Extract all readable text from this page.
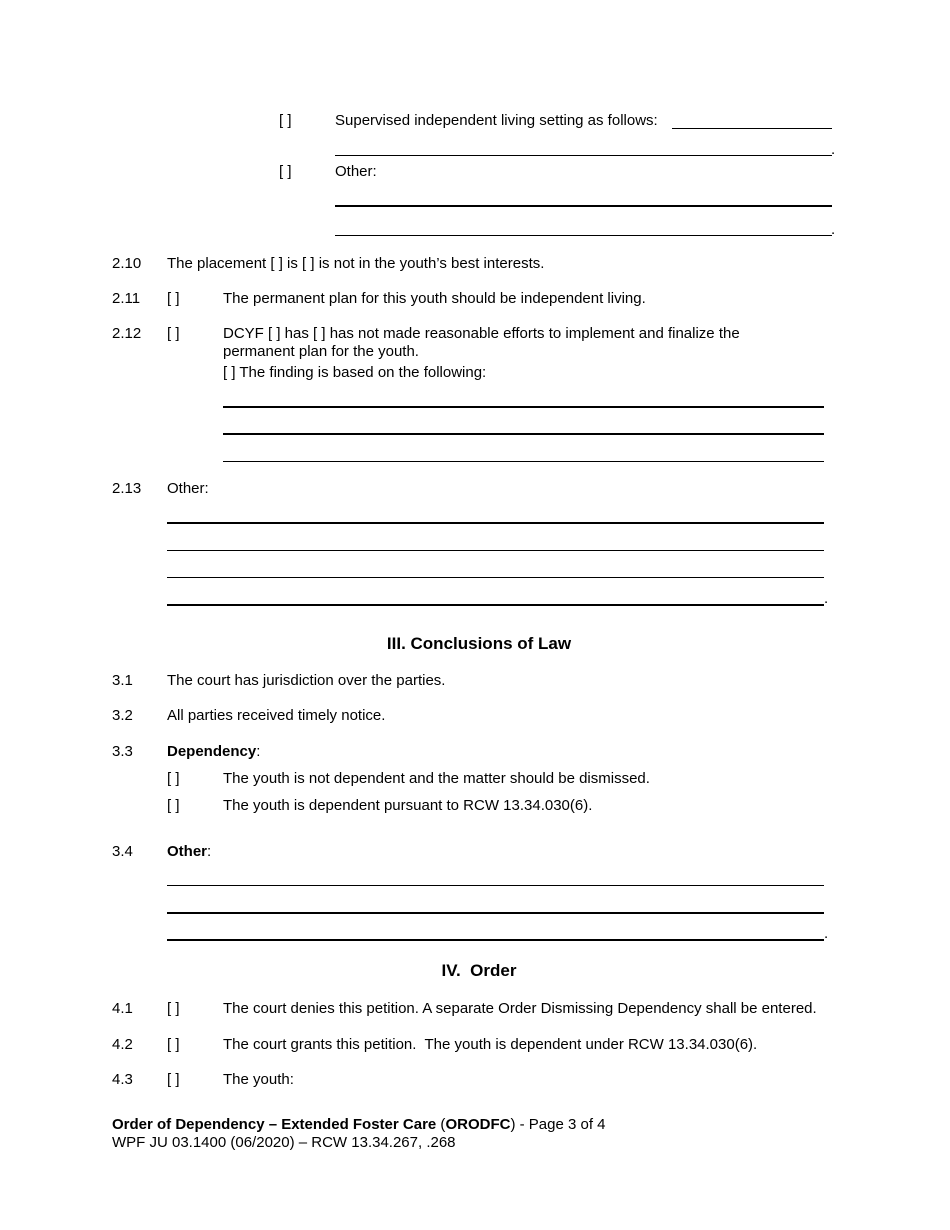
[ ]	Supervised independent living setting as follows:
.
[ ]	Other:
.
2.10 The placement [ ] is [ ] is not in the youth’s best interests.
2.11 [ ]	The permanent plan for this youth should be independent living.
2.12 [ ]	DCYF [ ] has [ ] has not made reasonable efforts to implement and finalize the
permanent plan for the youth.
[ ] The finding is based on the following:
2.13 Other:
.
III. Conclusions of Law
3.1 The court has jurisdiction over the parties.
3.2 All parties received timely notice.
3.3 Dependency:
[ ]	The youth is not dependent and the matter should be dismissed.
[ ]	The youth is dependent pursuant to RCW 13.34.030(6).
3.4 Other:
.
IV.  Order
4.1 [ ]	The court denies this petition. A separate Order Dismissing Dependency shall be entered.
4.2 [ ]	The court grants this petition.  The youth is dependent under RCW 13.34.030(6).
4.3 [ ]	The youth:
Order of Dependency – Extended Foster Care (ORODFC) - Page 3 of 4
WPF JU 03.1400 (06/2020) – RCW 13.34.267, .268
